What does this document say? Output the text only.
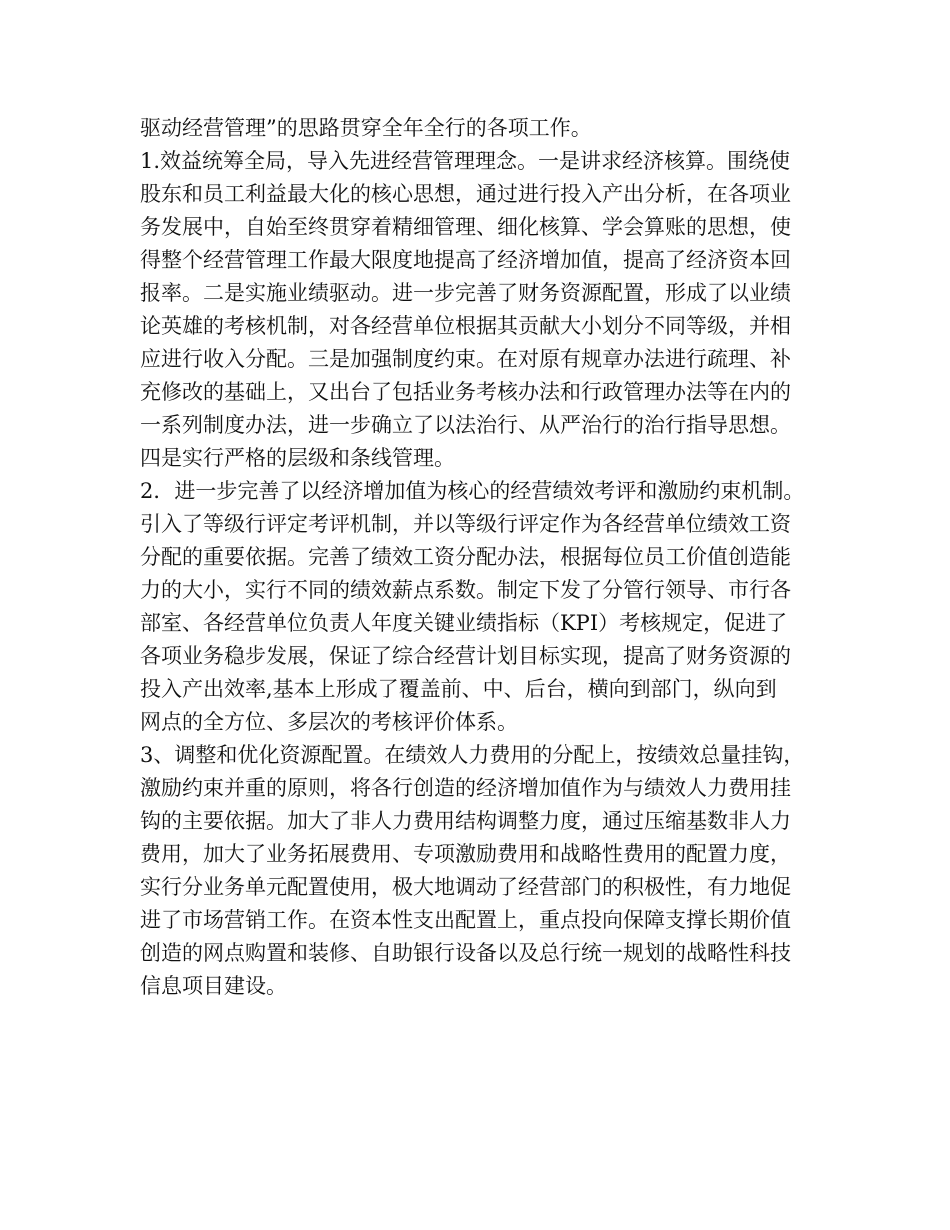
驱动经营管理”的思路贯穿全年全行的各项工作。
1.效益统筹全局，导入先进经营管理理念。一是讲求经济核算。围绕使
股东和员工利益最大化的核心思想，通过进行投入产出分析，在各项业
务发展中，自始至终贯穿着精细管理、细化核算、学会算账的思想，使
得整个经营管理工作最大限度地提高了经济增加值，提高了经济资本回
报率。二是实施业绩驱动。进一步完善了财务资源配置，形成了以业绩
论英雄的考核机制，对各经营单位根据其贡献大小划分不同等级，并相
应进行收入分配。三是加强制度约束。在对原有规章办法进行疏理、补
充修改的基础上，又出台了包括业务考核办法和行政管理办法等在内的
一系列制度办法，进一步确立了以法治行、从严治行的治行指导思想。
四是实行严格的层级和条线管理。
2．进一步完善了以经济增加值为核心的经营绩效考评和激励约束机制。
引入了等级行评定考评机制，并以等级行评定作为各经营单位绩效工资
分配的重要依据。完善了绩效工资分配办法，根据每位员工价值创造能
力的大小，实行不同的绩效薪点系数。制定下发了分管行领导、市行各
部室、各经营单位负责人年度关键业绩指标（KPI）考核规定，促进了
各项业务稳步发展，保证了综合经营计划目标实现，提高了财务资源的
投入产出效率,基本上形成了覆盖前、中、后台，横向到部门，纵向到
网点的全方位、多层次的考核评价体系。
3、调整和优化资源配置。在绩效人力费用的分配上，按绩效总量挂钩，
激励约束并重的原则，将各行创造的经济增加值作为与绩效人力费用挂
钩的主要依据。加大了非人力费用结构调整力度，通过压缩基数非人力
费用，加大了业务拓展费用、专项激励费用和战略性费用的配置力度，
实行分业务单元配置使用，极大地调动了经营部门的积极性，有力地促
进了市场营销工作。在资本性支出配置上，重点投向保障支撑长期价值
创造的网点购置和装修、自助银行设备以及总行统一规划的战略性科技
信息项目建设。
